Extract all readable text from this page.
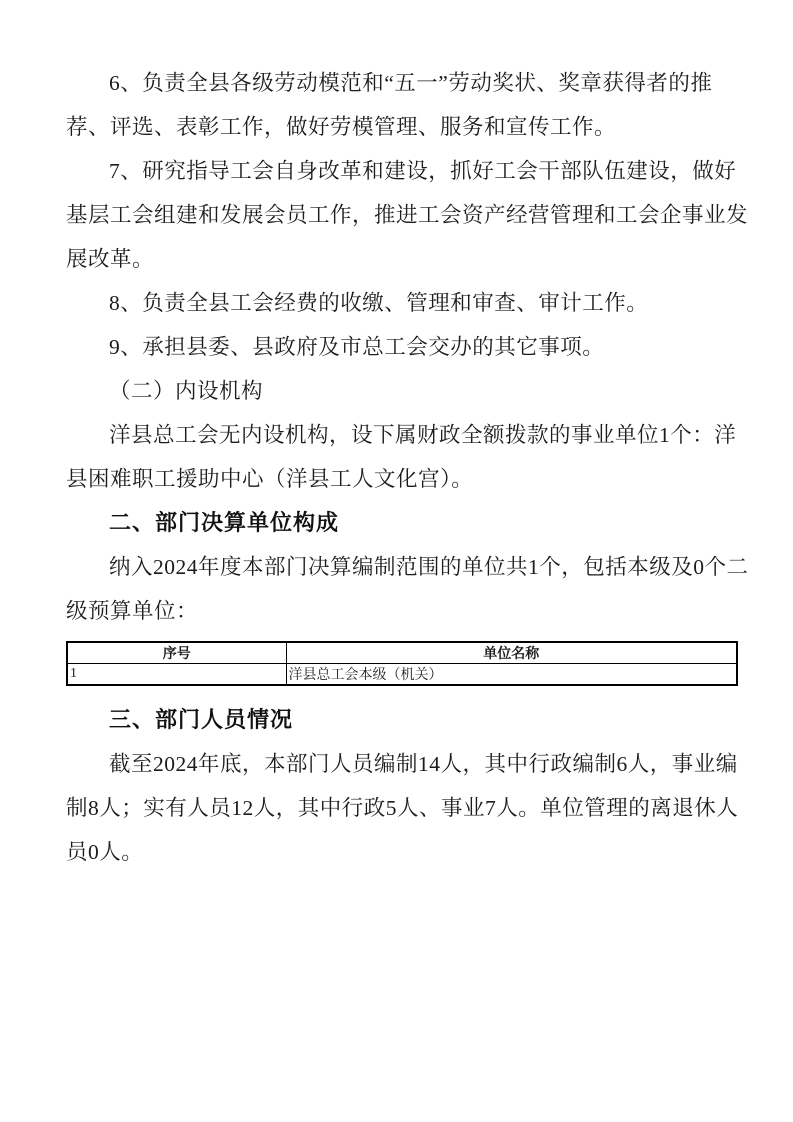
6、负责全县各级劳动模范和“五一”劳动奖状、奖章获得者的推
荐、评选、表彰工作，做好劳模管理、服务和宣传工作。

7、研究指导工会自身改革和建设，抓好工会干部队伍建设，做好
基层工会组建和发展会员工作，推进工会资产经营管理和工会企事业发
展改革。

8、负责全县工会经费的收缴、管理和审查、审计工作。

9、承担县委、县政府及市总工会交办的其它事项。

（二）内设机构

洋县总工会无内设机构，设下属财政全额拨款的事业单位1个：洋
县困难职工援助中心（洋县工人文化宫）。

二、部门决算单位构成

纳入2024年度本部门决算编制范围的单位共1个，包括本级及0个二
级预算单位：

序号	单位名称
1	洋县总工会本级（机关）
三、部门人员情况

截至2024年底，本部门人员编制14人，其中行政编制6人，事业编
制8人；实有人员12人，其中行政5人、事业7人。单位管理的离退休人
员0人。
